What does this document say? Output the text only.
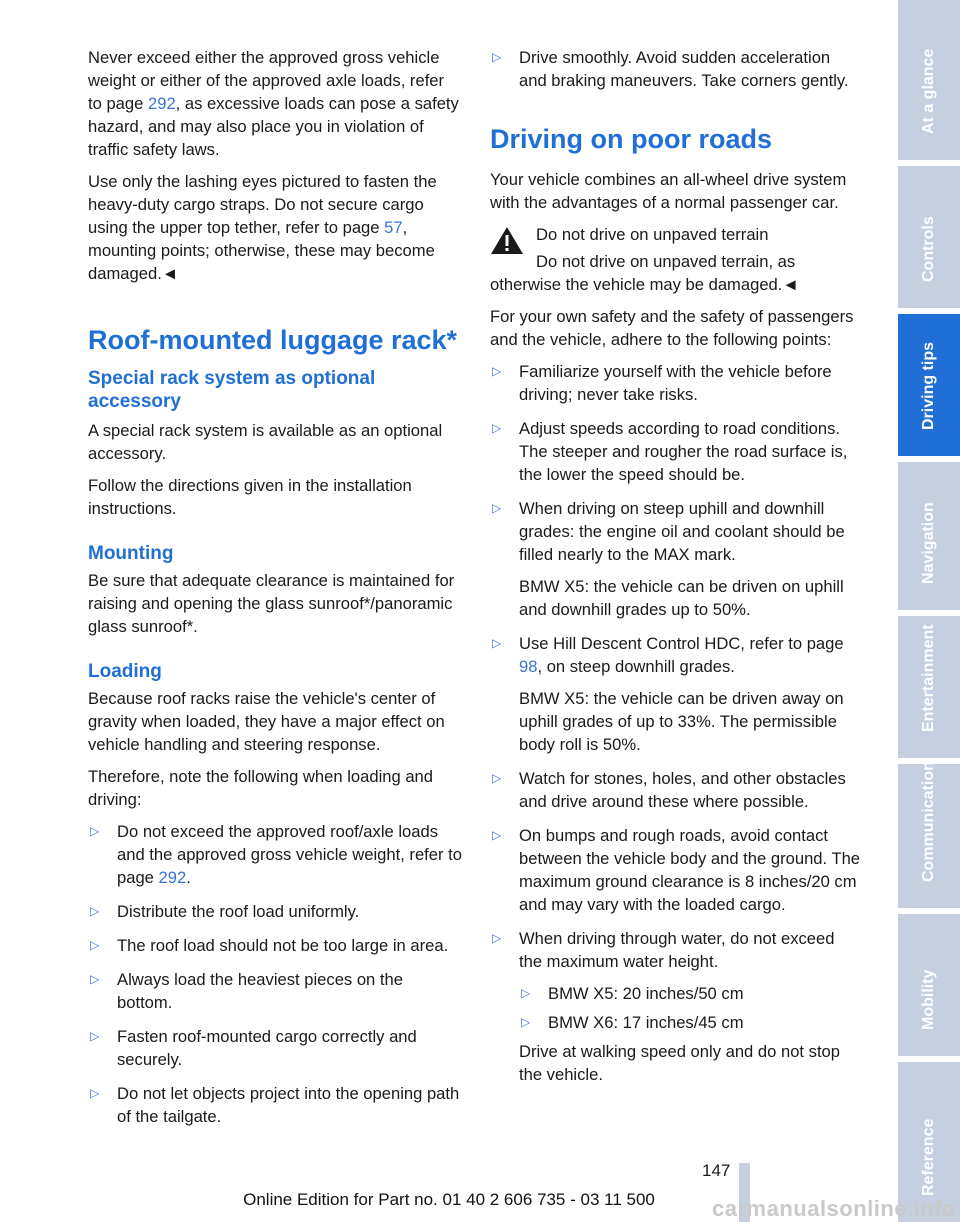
Never exceed either the approved gross vehicle weight or either of the approved axle loads, refer to page 292, as excessive loads can pose a safety hazard, and may also place you in violation of traffic safety laws.

Use only the lashing eyes pictured to fasten the heavy-duty cargo straps. Do not secure cargo using the upper top tether, refer to page 57, mounting points; otherwise, these may become damaged.◄

Roof-mounted luggage rack*
Special rack system as optional accessory

A special rack system is available as an optional accessory.

Follow the directions given in the installation instructions.

Mounting

Be sure that adequate clearance is maintained for raising and opening the glass sunroof*/panoramic glass sunroof*.

Loading

Because roof racks raise the vehicle's center of gravity when loaded, they have a major effect on vehicle handling and steering response.

Therefore, note the following when loading and driving:

▷ Do not exceed the approved roof/axle loads and the approved gross vehicle weight, refer to page 292.
▷ Distribute the roof load uniformly.
▷ The roof load should not be too large in area.
▷ Always load the heaviest pieces on the bottom.
▷ Fasten roof-mounted cargo correctly and securely.
▷ Do not let objects project into the opening path of the tailgate.
▷ Drive smoothly. Avoid sudden acceleration and braking maneuvers. Take corners gently.
Driving on poor roads

Your vehicle combines an all-wheel drive system with the advantages of a normal passenger car.

Do not drive on unpaved terrain

Do not drive on unpaved terrain, as otherwise the vehicle may be damaged.◄

For your own safety and the safety of passengers and the vehicle, adhere to the following points:

▷ Familiarize yourself with the vehicle before driving; never take risks.
▷ Adjust speeds according to road conditions. The steeper and rougher the road surface is, the lower the speed should be.
▷ When driving on steep uphill and downhill grades: the engine oil and coolant should be filled nearly to the MAX mark.

BMW X5: the vehicle can be driven on uphill and downhill grades up to 50%.

▷ Use Hill Descent Control HDC, refer to page 98, on steep downhill grades.

BMW X5: the vehicle can be driven away on uphill grades of up to 33%. The permissible body roll is 50%.

▷ Watch for stones, holes, and other obstacles and drive around these where possible.
▷ On bumps and rough roads, avoid contact between the vehicle body and the ground. The maximum ground clearance is 8 inches/20 cm and may vary with the loaded cargo.
▷ When driving through water, do not exceed the maximum water height.

▷ BMW X5: 20 inches/50 cm
▷ BMW X6: 17 inches/45 cm

Drive at walking speed only and do not stop the vehicle.

At a glance
Controls
Driving tips
Navigation
Entertainment
Communication
Mobility
Reference
147
Online Edition for Part no. 01 40 2 606 735 - 03 11 500	carmanualsonline.info
